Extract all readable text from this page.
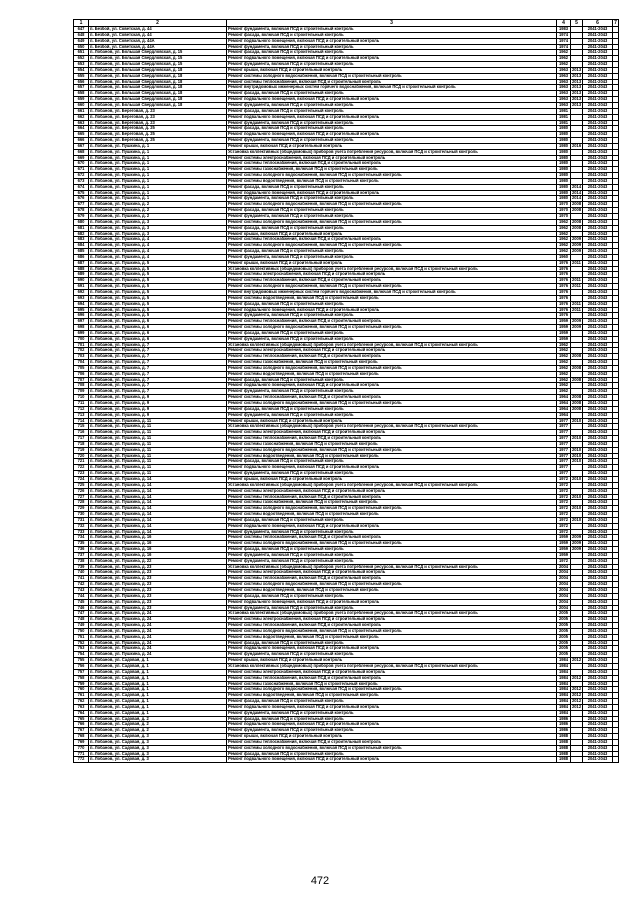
1	2	3	4	5	6	7
647	п. Безбой, ул. Советская, д. 44	Ремонт фундамента, включая ПСД и строительный контроль	1983		2041-2043	
648	п. Безбой, ул. Советская, д. 44	Ремонт фасада, включая ПСД и строительный контроль	1974		2041-2043	
649	п. Безбой, ул. Советская, д. 44А	Ремонт подвального помещения, включая ПСД и строительный контроль	1974		2041-2043	
650	п. Безбой, ул. Советская, д. 44А	Ремонт фундамента, включая ПСД и строительный контроль	1974		2041-2043	
651	п. Лобанов, ул. Большая Свердловская, д. 15	Ремонт фасада, включая ПСД и строительный контроль	1962		2041-2043	
652	п. Лобанов, ул. Большая Свердловская, д. 15	Ремонт подвального помещения, включая ПСД и строительный контроль	1962		2041-2043	
653	п. Лобанов, ул. Большая Свердловская, д. 15	Ремонт фундамента, включая ПСД и строительный контроль	1962		2041-2043	
654	п. Лобанов, ул. Большая Свердловская, д. 18	Ремонт крыши, включая ПСД и строительный контроль	1963	2013	2041-2043	
655	п. Лобанов, ул. Большая Свердловская, д. 18	Ремонт системы холодного водоснабжения, включая ПСД и строительный контроль	1963	2013	2041-2043	
656	п. Лобанов, ул. Большая Свердловская, д. 18	Ремонт системы теплоснабжения, включая ПСД и строительный контроль	1963	2013	2041-2043	
657	п. Лобанов, ул. Большая Свердловская, д. 18	Ремонт внутридомовых инженерных систем горячего водоснабжения, включая ПСД и строительный контроль	1963	2013	2041-2043	
658	п. Лобанов, ул. Большая Свердловская, д. 18	Ремонт фасада, включая ПСД и строительный контроль	1963	2013	2041-2043	
659	п. Лобанов, ул. Большая Свердловская, д. 18	Ремонт подвального помещения, включая ПСД и строительный контроль	1963	2013	2041-2043	
660	п. Лобанов, ул. Большая Свердловская, д. 18	Ремонт фундамента, включая ПСД и строительный контроль	1963	2013	2041-2043	
661	п. Лобанов, ул. Береговая, д. 23	Ремонт фасада, включая ПСД и строительный контроль	1981		2041-2043	
662	п. Лобанов, ул. Береговая, д. 23	Ремонт подвального помещения, включая ПСД и строительный контроль	1981		2041-2043	
663	п. Лобанов, ул. Береговая, д. 23	Ремонт фундамента, включая ПСД и строительный контроль	1981		2041-2043	
664	п. Лобанов, ул. Береговая, д. 25	Ремонт фасада, включая ПСД и строительный контроль	1980		2041-2043	
665	п. Лобанов, ул. Береговая, д. 25	Ремонт подвального помещения, включая ПСД и строительный контроль	1980		2041-2043	
666	п. Лобанов, ул. Береговая, д. 25	Ремонт фундамента, включая ПСД и строительный контроль	1980		2041-2043	
667	п. Лобанов, ул. Пушкина, д. 1	Ремонт крыши, включая ПСД и строительный контроль	1980	2016	2041-2043	
668	п. Лобанов, ул. Пушкина, д. 1	Установка коллективных (общедомовых) приборов учета потребления ресурсов, включая ПСД и строительный контроль	1980		2041-2043	
669	п. Лобанов, ул. Пушкина, д. 1	Ремонт системы электроснабжения, включая ПСД и строительный контроль	1980		2041-2043	
670	п. Лобанов, ул. Пушкина, д. 1	Ремонт системы теплоснабжения, включая ПСД и строительный контроль	1980		2041-2043	
671	п. Лобанов, ул. Пушкина, д. 1	Ремонт системы газоснабжения, включая ПСД и строительный контроль	1980		2041-2043	
672	п. Лобанов, ул. Пушкина, д. 1	Ремонт системы холодного водоснабжения, включая ПСД и строительный контроль	1980		2041-2043	
673	п. Лобанов, ул. Пушкина, д. 1	Ремонт системы водоотведения, включая ПСД и строительный контроль	1980		2041-2043	
674	п. Лобанов, ул. Пушкина, д. 1	Ремонт фасада, включая ПСД и строительный контроль	1980	2014	2041-2043	
675	п. Лобанов, ул. Пушкина, д. 1	Ремонт подвального помещения, включая ПСД и строительный контроль	1980	2014	2041-2043	
676	п. Лобанов, ул. Пушкина, д. 1	Ремонт фундамента, включая ПСД и строительный контроль	1980	2014	2041-2043	
677	п. Лобанов, ул. Пушкина, д. 2	Ремонт системы холодного водоснабжения, включая ПСД и строительный контроль	1970	2008	2041-2043	
678	п. Лобанов, ул. Пушкина, д. 2	Ремонт фасада, включая ПСД и строительный контроль	1970	2008	2041-2043	
679	п. Лобанов, ул. Пушкина, д. 2	Ремонт фундамента, включая ПСД и строительный контроль	1970		2041-2043	
680	п. Лобанов, ул. Пушкина, д. 3	Ремонт системы холодного водоснабжения, включая ПСД и строительный контроль	1962	2008	2041-2043	
681	п. Лобанов, ул. Пушкина, д. 3	Ремонт фасада, включая ПСД и строительный контроль	1962	2008	2041-2043	
682	п. Лобанов, ул. Пушкина, д. 3	Ремонт крыши, включая ПСД и строительный контроль	1962		2041-2043	
683	п. Лобанов, ул. Пушкина, д. 4	Ремонт системы теплоснабжения, включая ПСД и строительный контроль	1962	2009	2041-2043	
684	п. Лобанов, ул. Пушкина, д. 4	Ремонт системы холодного водоснабжения, включая ПСД и строительный контроль	1962	2009	2041-2043	
685	п. Лобанов, ул. Пушкина, д. 4	Ремонт фасада, включая ПСД и строительный контроль	1962	2009	2041-2043	
686	п. Лобанов, ул. Пушкина, д. 4	Ремонт фундамента, включая ПСД и строительный контроль	1960		2041-2043	
687	п. Лобанов, ул. Пушкина, д. 5	Ремонт крыши, включая ПСД и строительный контроль	1976	2011	2041-2043	
688	п. Лобанов, ул. Пушкина, д. 5	Установка коллективных (общедомовых) приборов учета потребления ресурсов, включая ПСД и строительный контроль	1976		2041-2043	
689	п. Лобанов, ул. Пушкина, д. 5	Ремонт системы электроснабжения, включая ПСД и строительный контроль	1976		2041-2043	
690	п. Лобанов, ул. Пушкина, д. 5	Ремонт системы теплоснабжения, включая ПСД и строительный контроль	1976	2011	2041-2043	
691	п. Лобанов, ул. Пушкина, д. 5	Ремонт системы холодного водоснабжения, включая ПСД и строительный контроль	1976	2011	2041-2043	
692	п. Лобанов, ул. Пушкина, д. 5	Ремонт внутридомовых инженерных систем горячего водоснабжения, включая ПСД и строительный контроль	1976		2041-2043	
693	п. Лобанов, ул. Пушкина, д. 5	Ремонт системы водоотведения, включая ПСД и строительный контроль	1976		2041-2043	
694	п. Лобанов, ул. Пушкина, д. 5	Ремонт фасада, включая ПСД и строительный контроль	1976	2011	2041-2043	
695	п. Лобанов, ул. Пушкина, д. 5	Ремонт подвального помещения, включая ПСД и строительный контроль	1976	2011	2041-2043	
696	п. Лобанов, ул. Пушкина, д. 5	Ремонт фундамента, включая ПСД и строительный контроль	1976		2041-2043	
697	п. Лобанов, ул. Пушкина, д. 6	Ремонт системы теплоснабжения, включая ПСД и строительный контроль	1959	2009	2041-2043	
698	п. Лобанов, ул. Пушкина, д. 6	Ремонт системы холодного водоснабжения, включая ПСД и строительный контроль	1959	2009	2041-2043	
699	п. Лобанов, ул. Пушкина, д. 6	Ремонт фасада, включая ПСД и строительный контроль	1959		2041-2043	
700	п. Лобанов, ул. Пушкина, д. 6	Ремонт фундамента, включая ПСД и строительный контроль	1959		2041-2043	
701	п. Лобанов, ул. Пушкина, д. 7	Установка коллективных (общедомовых) приборов учета потребления ресурсов, включая ПСД и строительный контроль	1962		2041-2043	
702	п. Лобанов, ул. Пушкина, д. 7	Ремонт системы электроснабжения, включая ПСД и строительный контроль	1962		2041-2043	
703	п. Лобанов, ул. Пушкина, д. 7	Ремонт системы теплоснабжения, включая ПСД и строительный контроль	1962	2008	2041-2043	
704	п. Лобанов, ул. Пушкина, д. 7	Ремонт системы газоснабжения, включая ПСД и строительный контроль	1962		2041-2043	
705	п. Лобанов, ул. Пушкина, д. 7	Ремонт системы холодного водоснабжения, включая ПСД и строительный контроль	1962	2008	2041-2043	
706	п. Лобанов, ул. Пушкина, д. 7	Ремонт системы водоотведения, включая ПСД и строительный контроль	1962		2041-2043	
707	п. Лобанов, ул. Пушкина, д. 7	Ремонт фасада, включая ПСД и строительный контроль	1962	2008	2041-2043	
708	п. Лобанов, ул. Пушкина, д. 7	Ремонт подвального помещения, включая ПСД и строительный контроль	1962		2041-2043	
709	п. Лобанов, ул. Пушкина, д. 7	Ремонт фундамента, включая ПСД и строительный контроль	1962		2041-2043	
710	п. Лобанов, ул. Пушкина, д. 9	Ремонт системы теплоснабжения, включая ПСД и строительный контроль	1964	2008	2041-2043	
711	п. Лобанов, ул. Пушкина, д. 9	Ремонт системы холодного водоснабжения, включая ПСД и строительный контроль	1964	2008	2041-2043	
712	п. Лобанов, ул. Пушкина, д. 9	Ремонт фасада, включая ПСД и строительный контроль	1964	2008	2041-2043	
713	п. Лобанов, ул. Пушкина, д. 9	Ремонт фундамента, включая ПСД и строительный контроль	1964		2041-2043	
714	п. Лобанов, ул. Пушкина, д. 11	Ремонт крыши, включая ПСД и строительный контроль	1977	2010	2041-2043	
715	п. Лобанов, ул. Пушкина, д. 11	Установка коллективных (общедомовых) приборов учета потребления ресурсов, включая ПСД и строительный контроль	1977		2041-2043	
716	п. Лобанов, ул. Пушкина, д. 11	Ремонт системы электроснабжения, включая ПСД и строительный контроль	1977		2041-2043	
717	п. Лобанов, ул. Пушкина, д. 11	Ремонт системы теплоснабжения, включая ПСД и строительный контроль	1977	2010	2041-2043	
718	п. Лобанов, ул. Пушкина, д. 11	Ремонт системы газоснабжения, включая ПСД и строительный контроль	1977		2041-2043	
719	п. Лобанов, ул. Пушкина, д. 11	Ремонт системы холодного водоснабжения, включая ПСД и строительный контроль	1977	2010	2041-2043	
720	п. Лобанов, ул. Пушкина, д. 11	Ремонт системы водоотведения, включая ПСД и строительный контроль	1977	2010	2041-2043	
721	п. Лобанов, ул. Пушкина, д. 11	Ремонт фасада, включая ПСД и строительный контроль	1977	2010	2041-2043	
722	п. Лобанов, ул. Пушкина, д. 11	Ремонт подвального помещения, включая ПСД и строительный контроль	1977		2041-2043	
723	п. Лобанов, ул. Пушкина, д. 11	Ремонт фундамента, включая ПСД и строительный контроль	1977		2041-2043	
724	п. Лобанов, ул. Пушкина, д. 14	Ремонт крыши, включая ПСД и строительный контроль	1972	2010	2041-2043	
725	п. Лобанов, ул. Пушкина, д. 14	Установка коллективных (общедомовых) приборов учета потребления ресурсов, включая ПСД и строительный контроль	1972		2041-2043	
726	п. Лобанов, ул. Пушкина, д. 14	Ремонт системы электроснабжения, включая ПСД и строительный контроль	1972		2041-2043	
727	п. Лобанов, ул. Пушкина, д. 14	Ремонт системы теплоснабжения, включая ПСД и строительный контроль	1972	2010	2041-2043	
728	п. Лобанов, ул. Пушкина, д. 14	Ремонт системы газоснабжения, включая ПСД и строительный контроль	1972		2041-2043	
729	п. Лобанов, ул. Пушкина, д. 14	Ремонт системы холодного водоснабжения, включая ПСД и строительный контроль	1972	2010	2041-2043	
730	п. Лобанов, ул. Пушкина, д. 14	Ремонт системы водоотведения, включая ПСД и строительный контроль	1972		2041-2043	
731	п. Лобанов, ул. Пушкина, д. 14	Ремонт фасада, включая ПСД и строительный контроль	1972	2010	2041-2043	
732	п. Лобанов, ул. Пушкина, д. 14	Ремонт подвального помещения, включая ПСД и строительный контроль	1972		2041-2043	
733	п. Лобанов, ул. Пушкина, д. 14	Ремонт фундамента, включая ПСД и строительный контроль	1972		2041-2043	
734	п. Лобанов, ул. Пушкина, д. 16	Ремонт системы теплоснабжения, включая ПСД и строительный контроль	1959	2009	2041-2043	
735	п. Лобанов, ул. Пушкина, д. 16	Ремонт системы холодного водоснабжения, включая ПСД и строительный контроль	1959	2009	2041-2043	
736	п. Лобанов, ул. Пушкина, д. 16	Ремонт фасада, включая ПСД и строительный контроль	1959	2009	2041-2043	
737	п. Лобанов, ул. Пушкина, д. 16	Ремонт фундамента, включая ПСД и строительный контроль	1959		2041-2043	
738	п. Лобанов, ул. Пушкина, д. 22	Ремонт фундамента, включая ПСД и строительный контроль	1972		2041-2043	
739	п. Лобанов, ул. Пушкина, д. 23	Установка коллективных (общедомовых) приборов учета потребления ресурсов, включая ПСД и строительный контроль	2004		2041-2043	
740	п. Лобанов, ул. Пушкина, д. 23	Ремонт системы электроснабжения, включая ПСД и строительный контроль	2004		2041-2043	
741	п. Лобанов, ул. Пушкина, д. 23	Ремонт системы теплоснабжения, включая ПСД и строительный контроль	2004		2041-2043	
742	п. Лобанов, ул. Пушкина, д. 23	Ремонт системы холодного водоснабжения, включая ПСД и строительный контроль	2004		2041-2043	
743	п. Лобанов, ул. Пушкина, д. 23	Ремонт системы водоотведения, включая ПСД и строительный контроль	2004		2041-2043	
744	п. Лобанов, ул. Пушкина, д. 23	Ремонт фасада, включая ПСД и строительный контроль	2004		2041-2043	
745	п. Лобанов, ул. Пушкина, д. 23	Ремонт подвального помещения, включая ПСД и строительный контроль	2004		2041-2043	
746	п. Лобанов, ул. Пушкина, д. 23	Ремонт фундамента, включая ПСД и строительный контроль	2004		2041-2043	
747	п. Лобанов, ул. Пушкина, д. 24	Установка коллективных (общедомовых) приборов учета потребления ресурсов, включая ПСД и строительный контроль	2005		2041-2043	
748	п. Лобанов, ул. Пушкина, д. 24	Ремонт системы электроснабжения, включая ПСД и строительный контроль	2005		2041-2043	
749	п. Лобанов, ул. Пушкина, д. 24	Ремонт системы теплоснабжения, включая ПСД и строительный контроль	2005		2041-2043	
750	п. Лобанов, ул. Пушкина, д. 24	Ремонт системы холодного водоснабжения, включая ПСД и строительный контроль	2005		2041-2043	
751	п. Лобанов, ул. Пушкина, д. 24	Ремонт системы водоотведения, включая ПСД и строительный контроль	2005		2041-2043	
752	п. Лобанов, ул. Пушкина, д. 24	Ремонт фасада, включая ПСД и строительный контроль	2005		2041-2043	
753	п. Лобанов, ул. Пушкина, д. 24	Ремонт подвального помещения, включая ПСД и строительный контроль	2005		2041-2043	
754	п. Лобанов, ул. Пушкина, д. 24	Ремонт фундамента, включая ПСД и строительный контроль	2005		2041-2043	
755	п. Лобанов, ул. Садовая, д. 1	Ремонт крыши, включая ПСД и строительный контроль	1984	2012	2041-2043	
756	п. Лобанов, ул. Садовая, д. 1	Установка коллективных (общедомовых) приборов учета потребления ресурсов, включая ПСД и строительный контроль	1984		2041-2043	
757	п. Лобанов, ул. Садовая, д. 1	Ремонт системы электроснабжения, включая ПСД и строительный контроль	1984		2041-2043	
758	п. Лобанов, ул. Садовая, д. 1	Ремонт системы теплоснабжения, включая ПСД и строительный контроль	1984	2012	2041-2043	
759	п. Лобанов, ул. Садовая, д. 1	Ремонт системы газоснабжения, включая ПСД и строительный контроль	1984		2041-2043	
760	п. Лобанов, ул. Садовая, д. 1	Ремонт системы холодного водоснабжения, включая ПСД и строительный контроль	1984	2012	2041-2043	
761	п. Лобанов, ул. Садовая, д. 1	Ремонт системы водоотведения, включая ПСД и строительный контроль	1984	2012	2041-2043	
762	п. Лобанов, ул. Садовая, д. 1	Ремонт фасада, включая ПСД и строительный контроль	1984	2012	2041-2043	
763	п. Лобанов, ул. Садовая, д. 1	Ремонт подвального помещения, включая ПСД и строительный контроль	1984	2012	2041-2043	
764	п. Лобанов, ул. Садовая, д. 1	Ремонт фундамента, включая ПСД и строительный контроль	1984		2041-2043	
765	п. Лобанов, ул. Садовая, д. 2	Ремонт фасада, включая ПСД и строительный контроль	1986		2041-2043	
766	п. Лобанов, ул. Садовая, д. 2	Ремонт подвального помещения, включая ПСД и строительный контроль	1986		2041-2043	
767	п. Лобанов, ул. Садовая, д. 2	Ремонт фундамента, включая ПСД и строительный контроль	1986		2041-2043	
768	п. Лобанов, ул. Садовая, д. 3	Ремонт крыши, включая ПСД и строительный контроль	1988		2041-2043	
769	п. Лобанов, ул. Садовая, д. 3	Ремонт системы теплоснабжения, включая ПСД и строительный контроль	1988		2041-2043	
770	п. Лобанов, ул. Садовая, д. 3	Ремонт системы холодного водоснабжения, включая ПСД и строительный контроль	1988		2041-2043	
771	п. Лобанов, ул. Садовая, д. 3	Ремонт фасада, включая ПСД и строительный контроль	1988		2041-2043	
772	п. Лобанов, ул. Садовая, д. 3	Ремонт подвального помещения, включая ПСД и строительный контроль	1988		2041-2043	
472
